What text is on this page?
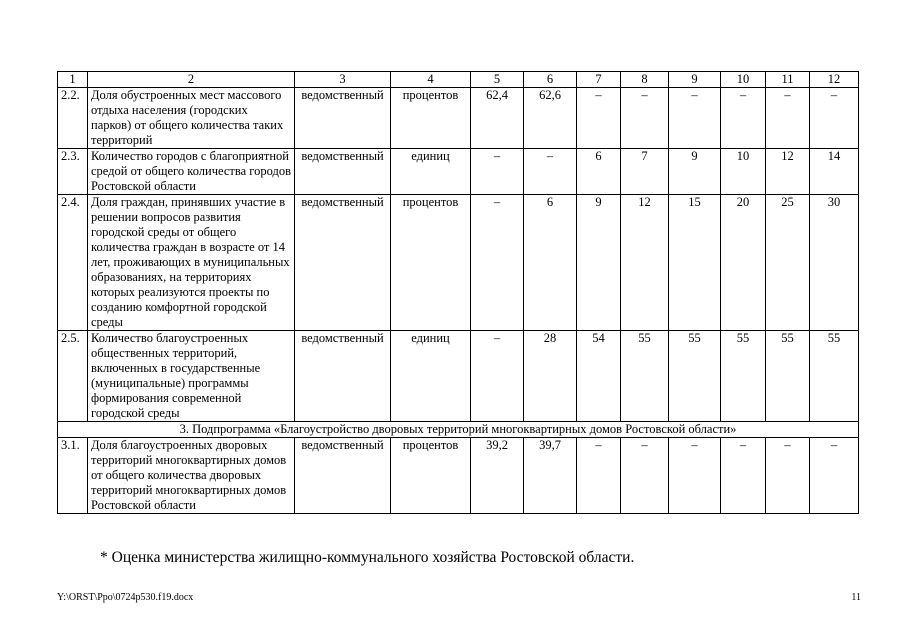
1	2	3	4	5	6	7	8	9	10	11	12
2.2.	Доля обустроенных мест массового отдыха населения (городских парков) от общего количества таких территорий	ведомственный	процентов	62,4	62,6	–	–	–	–	–	–
2.3.	Количество городов с благоприятной средой от общего количества городов Ростовской области	ведомственный	единиц	–	–	6	7	9	10	12	14
2.4.	Доля граждан, принявших участие в решении вопросов развития городской среды от общего количества граждан в возрасте от 14 лет, проживающих в муниципальных образованиях, на территориях которых реализуются проекты по созданию комфортной городской среды	ведомственный	процентов	–	6	9	12	15	20	25	30
2.5.	Количество благоустроенных общественных территорий, включенных в государственные (муниципальные) программы формирования современной городской среды	ведомственный	единиц	–	28	54	55	55	55	55	55
3. Подпрограмма «Благоустройство дворовых территорий многоквартирных домов Ростовской области»											
3.1.	Доля благоустроенных дворовых территорий многоквартирных домов от общего количества дворовых территорий многоквартирных домов Ростовской области	ведомственный	процентов	39,2	39,7	–	–	–	–	–	–
* Оценка министерства жилищно-коммунального хозяйства Ростовской области.
Y:\ORST\Ppo\0724p530.f19.docx	11
